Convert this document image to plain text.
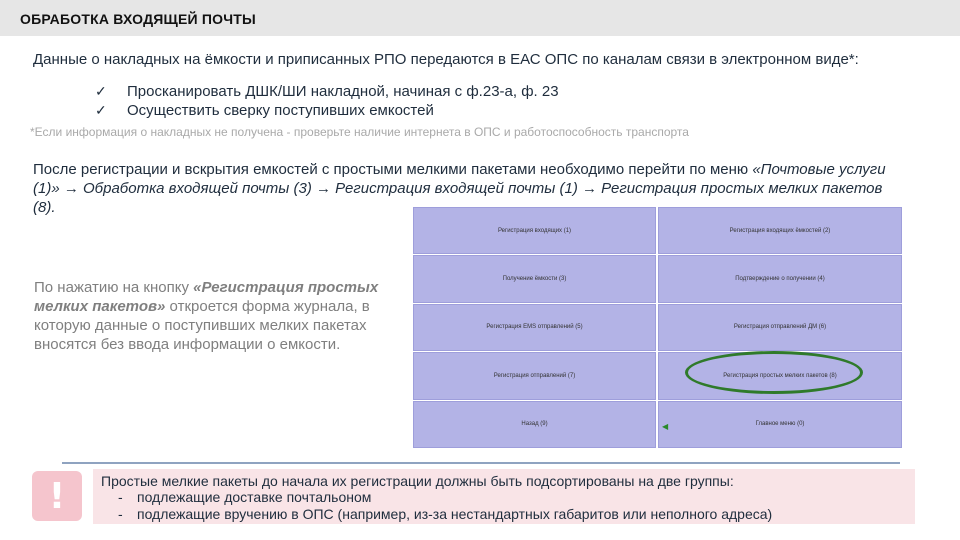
ОБРАБОТКА ВХОДЯЩЕЙ ПОЧТЫ
Данные о накладных на ёмкости и приписанных РПО передаются в ЕАС ОПС по каналам связи в электронном виде*:
✓ Просканировать ДШК/ШИ накладной, начиная с ф.23-а, ф. 23
✓ Осуществить сверку поступивших емкостей
*Если информация о накладных не получена - проверьте наличие интернета в ОПС и работоспособность транспорта
После регистрации и вскрытия емкостей с простыми мелкими пакетами необходимо перейти по меню «Почтовые услуги (1)» → Обработка входящей почты (3) → Регистрация входящей почты (1) → Регистрация простых мелких пакетов (8).
По нажатию на кнопку «Регистрация простых мелких пакетов» откроется форма журнала, в которую данные о поступивших мелких пакетах вносятся без ввода информации о емкости.
Регистрация входящих (1)	Регистрация входящих ёмкостей (2)
Получение ёмкости (3)	Подтверждение о получении (4)
Регистрация EMS отправлений (5)	Регистрация отправлений ДМ (6)
Регистрация отправлений (7)	Регистрация простых мелких пакетов (8)
Назад (9)	◀	Главное меню (0)
!	Простые мелкие пакеты до начала их регистрации должны быть подсортированы на две группы:
- подлежащие доставке почтальоном
- подлежащие вручению в ОПС (например, из-за нестандартных габаритов или неполного адреса)
